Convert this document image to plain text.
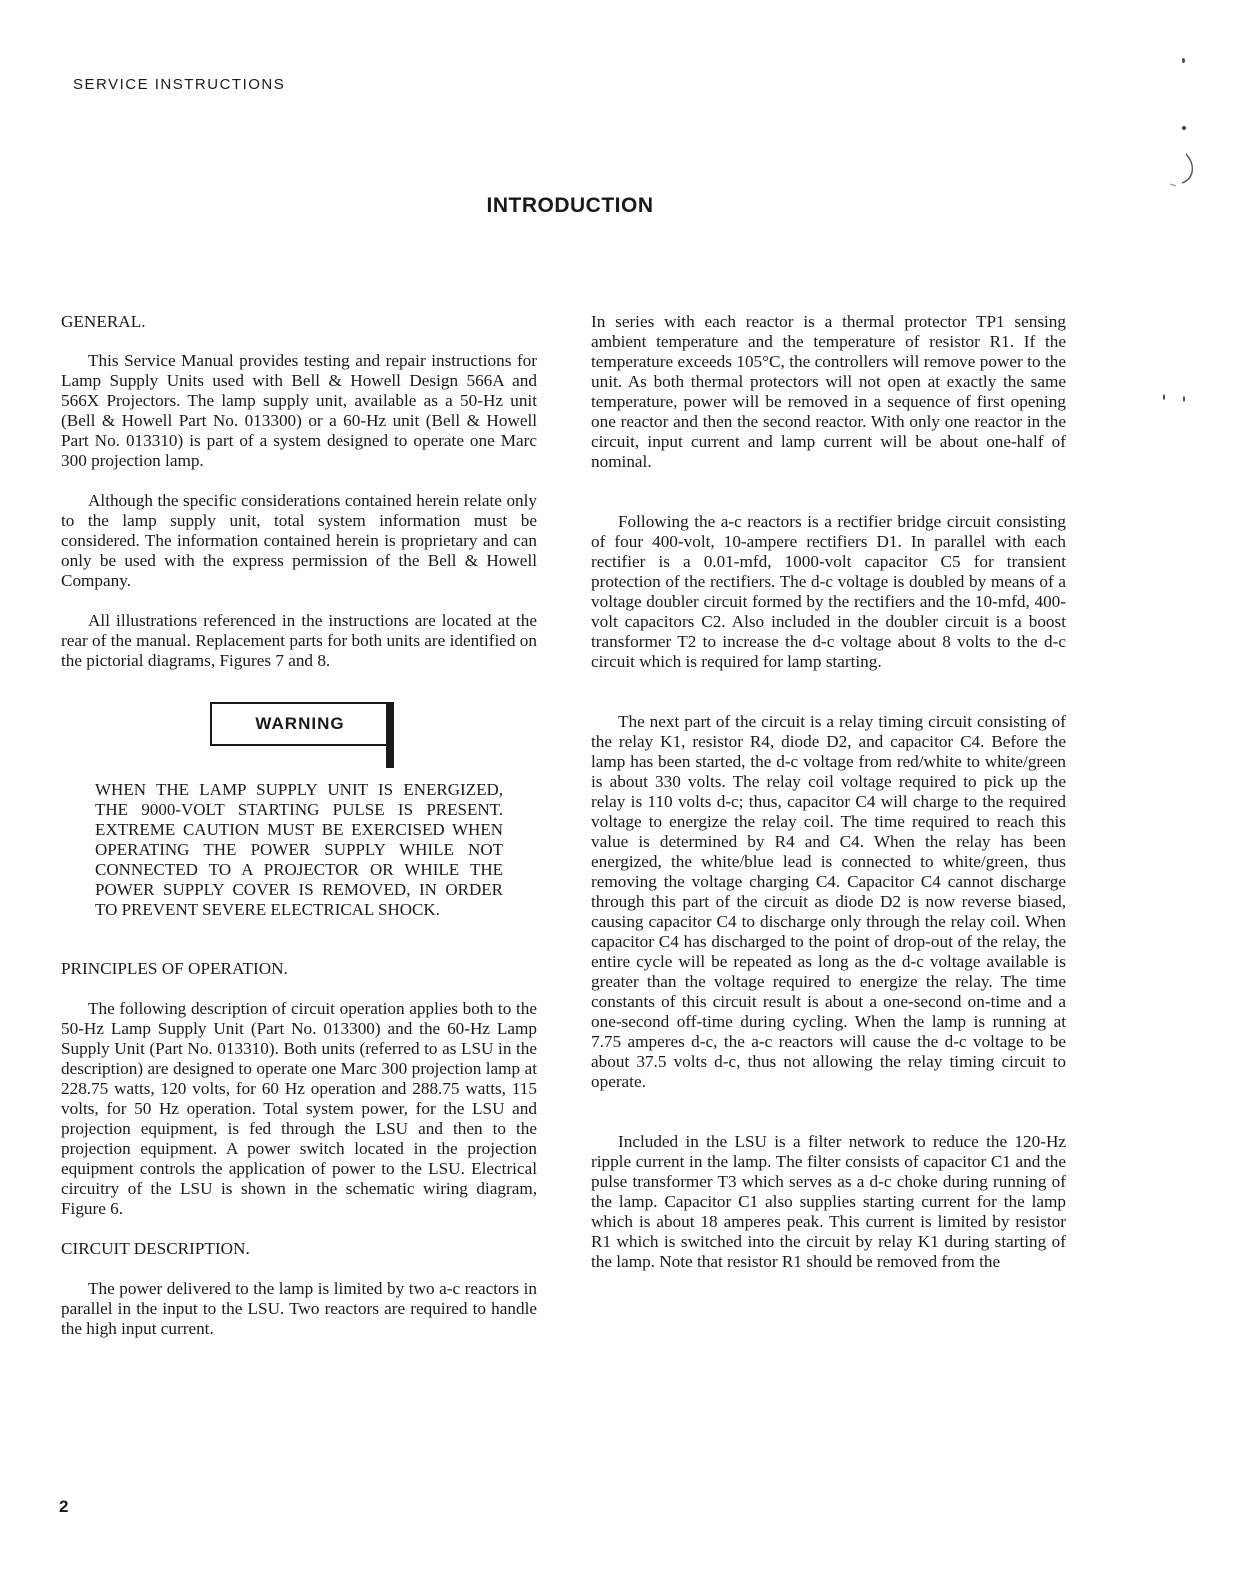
SERVICE INSTRUCTIONS
INTRODUCTION

GENERAL.

This Service Manual provides testing and repair instructions for Lamp Supply Units used with Bell & Howell Design 566A and 566X Projectors. The lamp supply unit, available as a 50-Hz unit (Bell & Howell Part No. 013300) or a 60-Hz unit (Bell & Howell Part No. 013310) is part of a system designed to operate one Marc 300 projection lamp.

Although the specific considerations contained herein relate only to the lamp supply unit, total system information must be considered. The information contained herein is proprietary and can only be used with the express permission of the Bell & Howell Company.

All illustrations referenced in the instructions are located at the rear of the manual. Replacement parts for both units are identified on the pictorial diagrams, Figures 7 and 8.

WARNING

WHEN THE LAMP SUPPLY UNIT IS ENERGIZED, THE 9000-VOLT STARTING PULSE IS PRESENT. EXTREME CAUTION MUST BE EXERCISED WHEN OPERATING THE POWER SUPPLY WHILE NOT CONNECTED TO A PROJECTOR OR WHILE THE POWER SUPPLY COVER IS REMOVED, IN ORDER TO PREVENT SEVERE ELECTRICAL SHOCK.

PRINCIPLES OF OPERATION.

The following description of circuit operation applies both to the 50-Hz Lamp Supply Unit (Part No. 013300) and the 60-Hz Lamp Supply Unit (Part No. 013310). Both units (referred to as LSU in the description) are designed to operate one Marc 300 projection lamp at 228.75 watts, 120 volts, for 60 Hz operation and 288.75 watts, 115 volts, for 50 Hz operation. Total system power, for the LSU and projection equipment, is fed through the LSU and then to the projection equipment. A power switch located in the projection equipment controls the application of power to the LSU. Electrical circuitry of the LSU is shown in the schematic wiring diagram, Figure 6.

CIRCUIT DESCRIPTION.

The power delivered to the lamp is limited by two a-c reactors in parallel in the input to the LSU. Two reactors are required to handle the high input current.

In series with each reactor is a thermal protector TP1 sensing ambient temperature and the temperature of resistor R1. If the temperature exceeds 105°C, the controllers will remove power to the unit. As both thermal protectors will not open at exactly the same temperature, power will be removed in a sequence of first opening one reactor and then the second reactor. With only one reactor in the circuit, input current and lamp current will be about one-half of nominal.

Following the a-c reactors is a rectifier bridge circuit consisting of four 400-volt, 10-ampere rectifiers D1. In parallel with each rectifier is a 0.01-mfd, 1000-volt capacitor C5 for transient protection of the rectifiers. The d-c voltage is doubled by means of a voltage doubler circuit formed by the rectifiers and the 10-mfd, 400-volt capacitors C2. Also included in the doubler circuit is a boost transformer T2 to increase the d-c voltage about 8 volts to the d-c circuit which is required for lamp starting.

The next part of the circuit is a relay timing circuit consisting of the relay K1, resistor R4, diode D2, and capacitor C4. Before the lamp has been started, the d-c voltage from red/white to white/green is about 330 volts. The relay coil voltage required to pick up the relay is 110 volts d-c; thus, capacitor C4 will charge to the required voltage to energize the relay coil. The time required to reach this value is determined by R4 and C4. When the relay has been energized, the white/blue lead is connected to white/green, thus removing the voltage charging C4. Capacitor C4 cannot discharge through this part of the circuit as diode D2 is now reverse biased, causing capacitor C4 to discharge only through the relay coil. When capacitor C4 has discharged to the point of drop-out of the relay, the entire cycle will be repeated as long as the d-c voltage available is greater than the voltage required to energize the relay. The time constants of this circuit result is about a one-second on-time and a one-second off-time during cycling. When the lamp is running at 7.75 amperes d-c, the a-c reactors will cause the d-c voltage to be about 37.5 volts d-c, thus not allowing the relay timing circuit to operate.

Included in the LSU is a filter network to reduce the 120-Hz ripple current in the lamp. The filter consists of capacitor C1 and the pulse transformer T3 which serves as a d-c choke during running of the lamp. Capacitor C1 also supplies starting current for the lamp which is about 18 amperes peak. This current is limited by resistor R1 which is switched into the circuit by relay K1 during starting of the lamp. Note that resistor R1 should be removed from the

2
